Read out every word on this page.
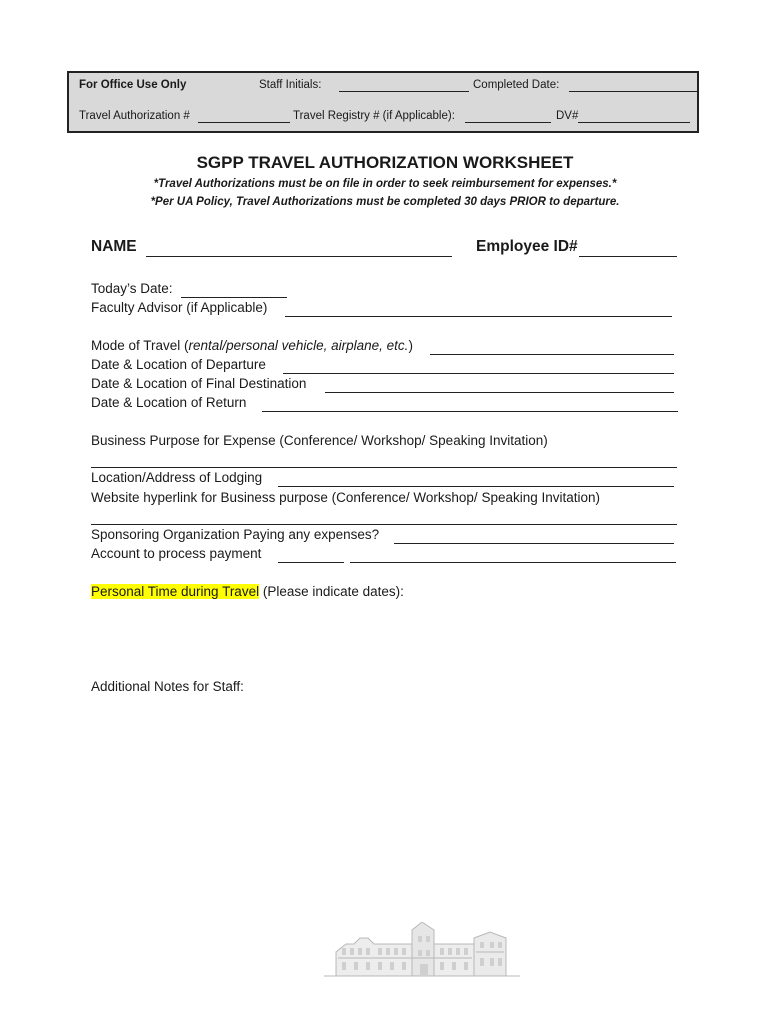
For Office Use Only	Staff Initials:	Completed Date:
Travel Authorization #	Travel Registry # (if Applicable):	DV#
SGPP TRAVEL AUTHORIZATION WORKSHEET
*Travel Authorizations must be on file in order to seek reimbursement for expenses.*
*Per UA Policy, Travel Authorizations must be completed 30 days PRIOR to departure.
NAME	Employee ID#
Today’s Date:
Faculty Advisor (if Applicable)
Mode of Travel (rental/personal vehicle, airplane, etc.)
Date & Location of Departure
Date & Location of Final Destination
Date & Location of Return
Business Purpose for Expense (Conference/ Workshop/ Speaking Invitation)
Location/Address of Lodging
Website hyperlink for Business purpose (Conference/ Workshop/ Speaking Invitation)
Sponsoring Organization Paying any expenses?
Account to process payment
Personal Time during Travel (Please indicate dates):
Additional Notes for Staff:
